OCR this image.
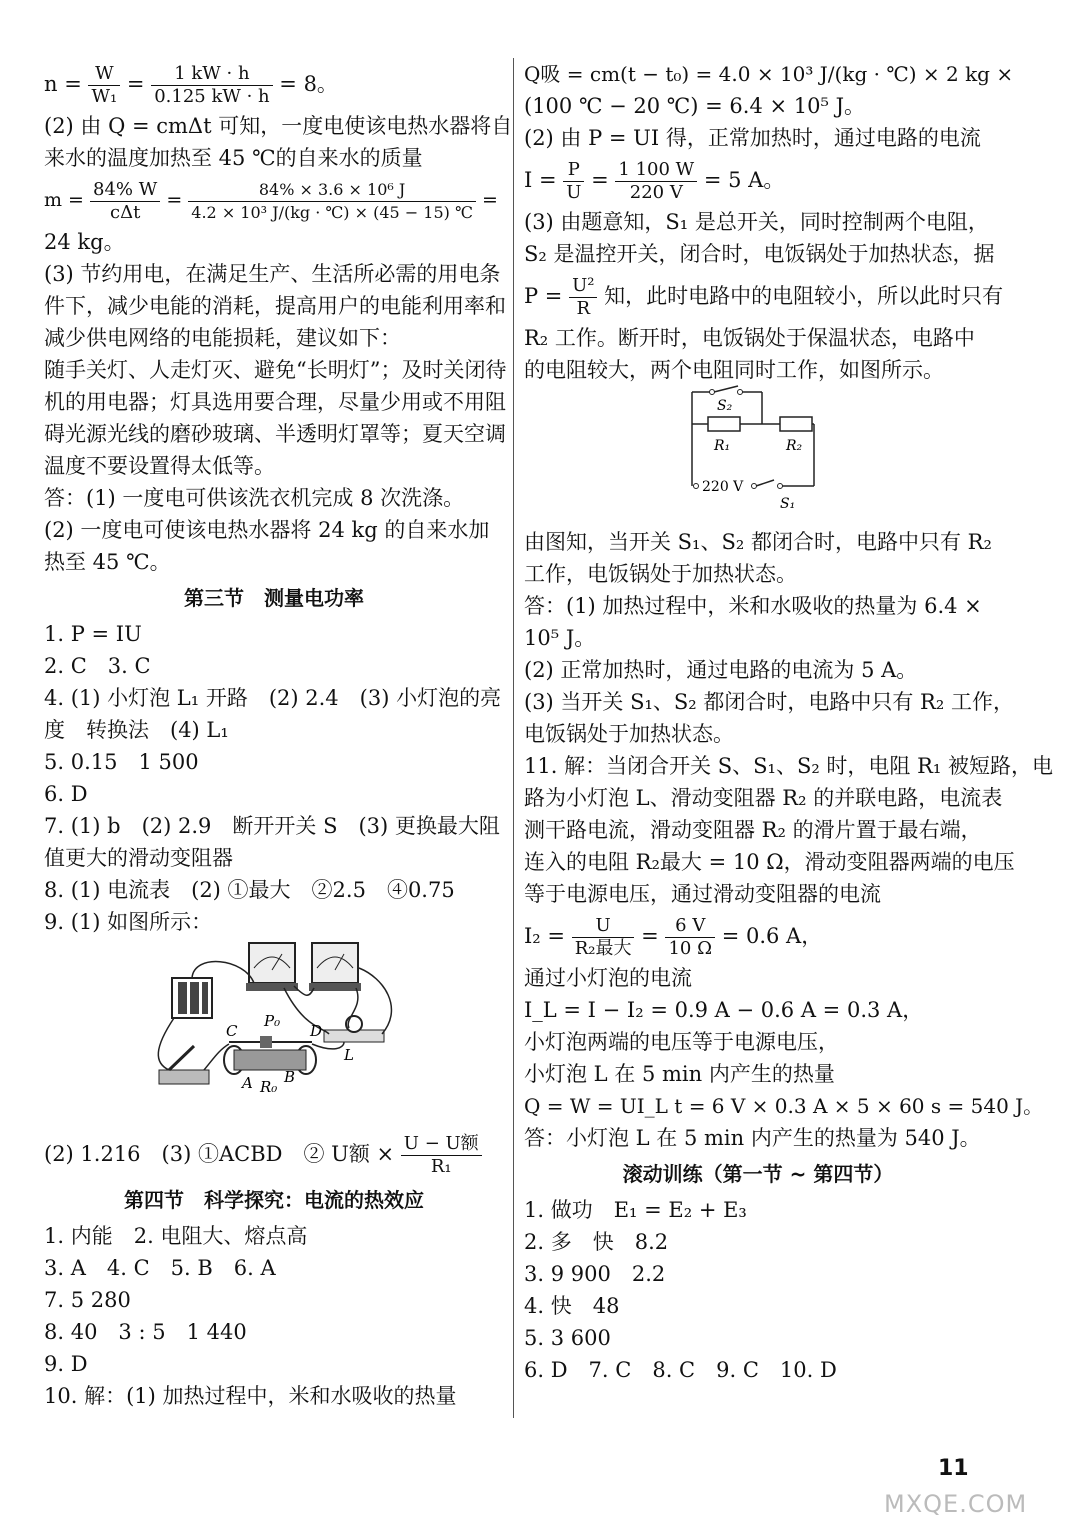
$n = \frac{W}{\text{W₁}} = \frac{1 kW \cdot h}{0.125 kW \cdot h} = 8$。
(2) 由 Q = cmΔt 可知，一度电使该电热水器将自
来水的温度加热至 45 ℃的自来水的质量
$m = \frac{84\% W}{\text{cΔt}} = \frac{\text{84\% × 3.6 × 10⁶ J}}{\text{4.2 × 10³ J/(kg · ℃) × (45 − 15) ℃}}$ =
24 kg。
(3) 节约用电，在满足生产、生活所必需的用电条
件下，减少电能的消耗，提高用户的电能利用率和
减少供电网络的电能损耗，建议如下：
随手关灯、人走灯灭、避免“长明灯”；及时关闭待
机的用电器；灯具选用要合理，尽量少用或不用阻
碍光源光线的磨砂玻璃、半透明灯罩等；夏天空调
温度不要设置得太低等。
答：(1) 一度电可供该洗衣机完成 8 次洗涤。
(2) 一度电可使该电热水器将 24 kg 的自来水加
热至 45 ℃。
第三节　测量电功率
1. P = IU
2. C　3. C
4. (1) 小灯泡 L₁ 开路　(2) 2.4　(3) 小灯泡的亮
度　转换法　(4) L₁
5. 0.15　1 500
6. D
7. (1) b　(2) 2.9　断开开关 S　(3) 更换最大阻
值更大的滑动变阻器
8. (1) 电流表　(2) ①最大　②2.5　④0.75
9. (1) 如图所示：
C
P₀
D
L
A R₀
B
(2) 1.216　(3) ①ACBD　② U额 × $\frac{\text{U − U额}}{\text{R₁}}$
第四节　科学探究：电流的热效应
1. 内能　2. 电阻大、熔点高
3. A　4. C　5. B　6. A
7. 5 280
8. 40　3 : 5　1 440
9. D
10. 解：(1) 加热过程中，米和水吸收的热量
Q吸 = cm(t − t₀) = 4.0 × 10³ J/(kg · ℃) × 2 kg ×
(100 ℃ − 20 ℃) = 6.4 × 10⁵ J。
(2) 由 P = UI 得，正常加热时，通过电路的电流
$I = \frac{P}{U} = \frac{1 100 W}{220 V} = 5$ A。
(3) 由题意知，S₁ 是总开关，同时控制两个电阻，
S₂ 是温控开关，闭合时，电饭锅处于加热状态，据
$P = \frac{\text{U²}}{R}$ 知，此时电路中的电阻较小，所以此时只有
R₂ 工作。断开时，电饭锅处于保温状态，电路中
的电阻较大，两个电阻同时工作，如图所示。
S₂
R₁	R₂
220 V
S₁
由图知，当开关 S₁、S₂ 都闭合时，电路中只有 R₂
工作，电饭锅处于加热状态。
答：(1) 加热过程中，米和水吸收的热量为 6.4 ×
10⁵ J。
(2) 正常加热时，通过电路的电流为 5 A。
(3) 当开关 S₁、S₂ 都闭合时，电路中只有 R₂ 工作，
电饭锅处于加热状态。
11. 解：当闭合开关 S、S₁、S₂ 时，电阻 R₁ 被短路，电
路为小灯泡 L、滑动变阻器 R₂ 的并联电路，电流表
测干路电流，滑动变阻器 R₂ 的滑片置于最右端，
连入的电阻 R₂最大 = 10 Ω，滑动变阻器两端的电压
等于电源电压，通过滑动变阻器的电流
$I_2 = \frac{U}{\text{R₂最大}} = \frac{6 V}{10 \Omega} = 0.6$ A，
通过小灯泡的电流
I_L = I − I₂ = 0.9 A − 0.6 A = 0.3 A，
小灯泡两端的电压等于电源电压，
小灯泡 L 在 5 min 内产生的热量
Q = W = UI_L t = 6 V × 0.3 A × 5 × 60 s = 540 J。
答：小灯泡 L 在 5 min 内产生的热量为 540 J。
滚动训练（第一节 ~ 第四节）
1. 做功　E₁ = E₂ + E₃
2. 多　快　8.2
3. 9 900　2.2
4. 快　48
5. 3 600
6. D　7. C　8. C　9. C　10. D
11
MXQE.COM
